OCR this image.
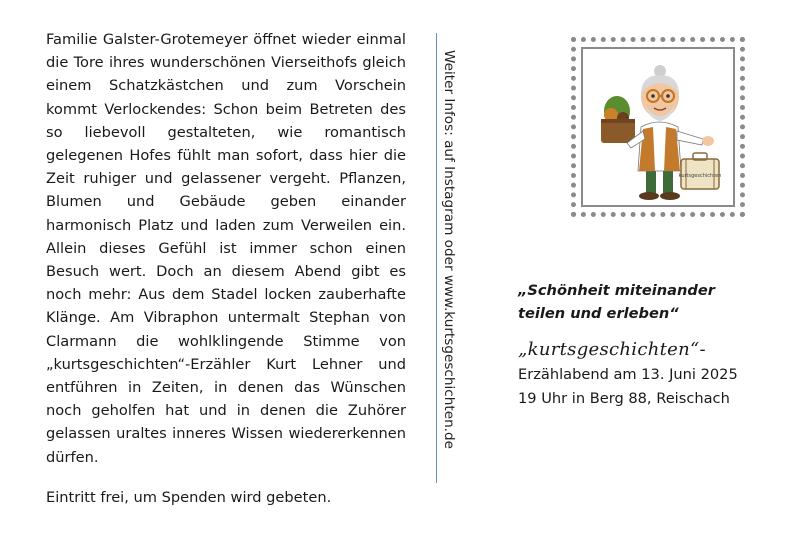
Familie Galster-Grotemeyer öffnet wieder einmal die Tore ihres wunderschönen Vierseithofs gleich einem Schatzkästchen und zum Vorschein kommt Verlockendes: Schon beim Betreten des so liebevoll gestalteten, wie romantisch gelegenen Hofes fühlt man sofort, dass hier die Zeit ruhiger und gelassener vergeht. Pflanzen, Blumen und Gebäude geben einander harmonisch Platz und laden zum Verweilen ein. Allein dieses Gefühl ist immer schon einen Besuch wert. Doch an diesem Abend gibt es noch mehr: Aus dem Stadel locken zauberhafte Klänge. Am Vibraphon untermalt Stephan von Clarmann die wohlklingende Stimme von „kurtsgeschichten“-Erzähler Kurt Lehner und entführen in Zeiten, in denen das Wünschen noch geholfen hat und in denen die Zuhörer gelassen uraltes inneres Wissen wiedererkennen dürfen.

Eintritt frei, um Spenden wird gebeten.

Weiter Infos: auf Instagram oder www.kurtsgeschichten.de	kurtsgeschichten
„Schönheit miteinander
teilen und erleben“
„kurtsgeschichten“-
Erzählabend am 13. Juni 2025
19 Uhr in Berg 88, Reischach
